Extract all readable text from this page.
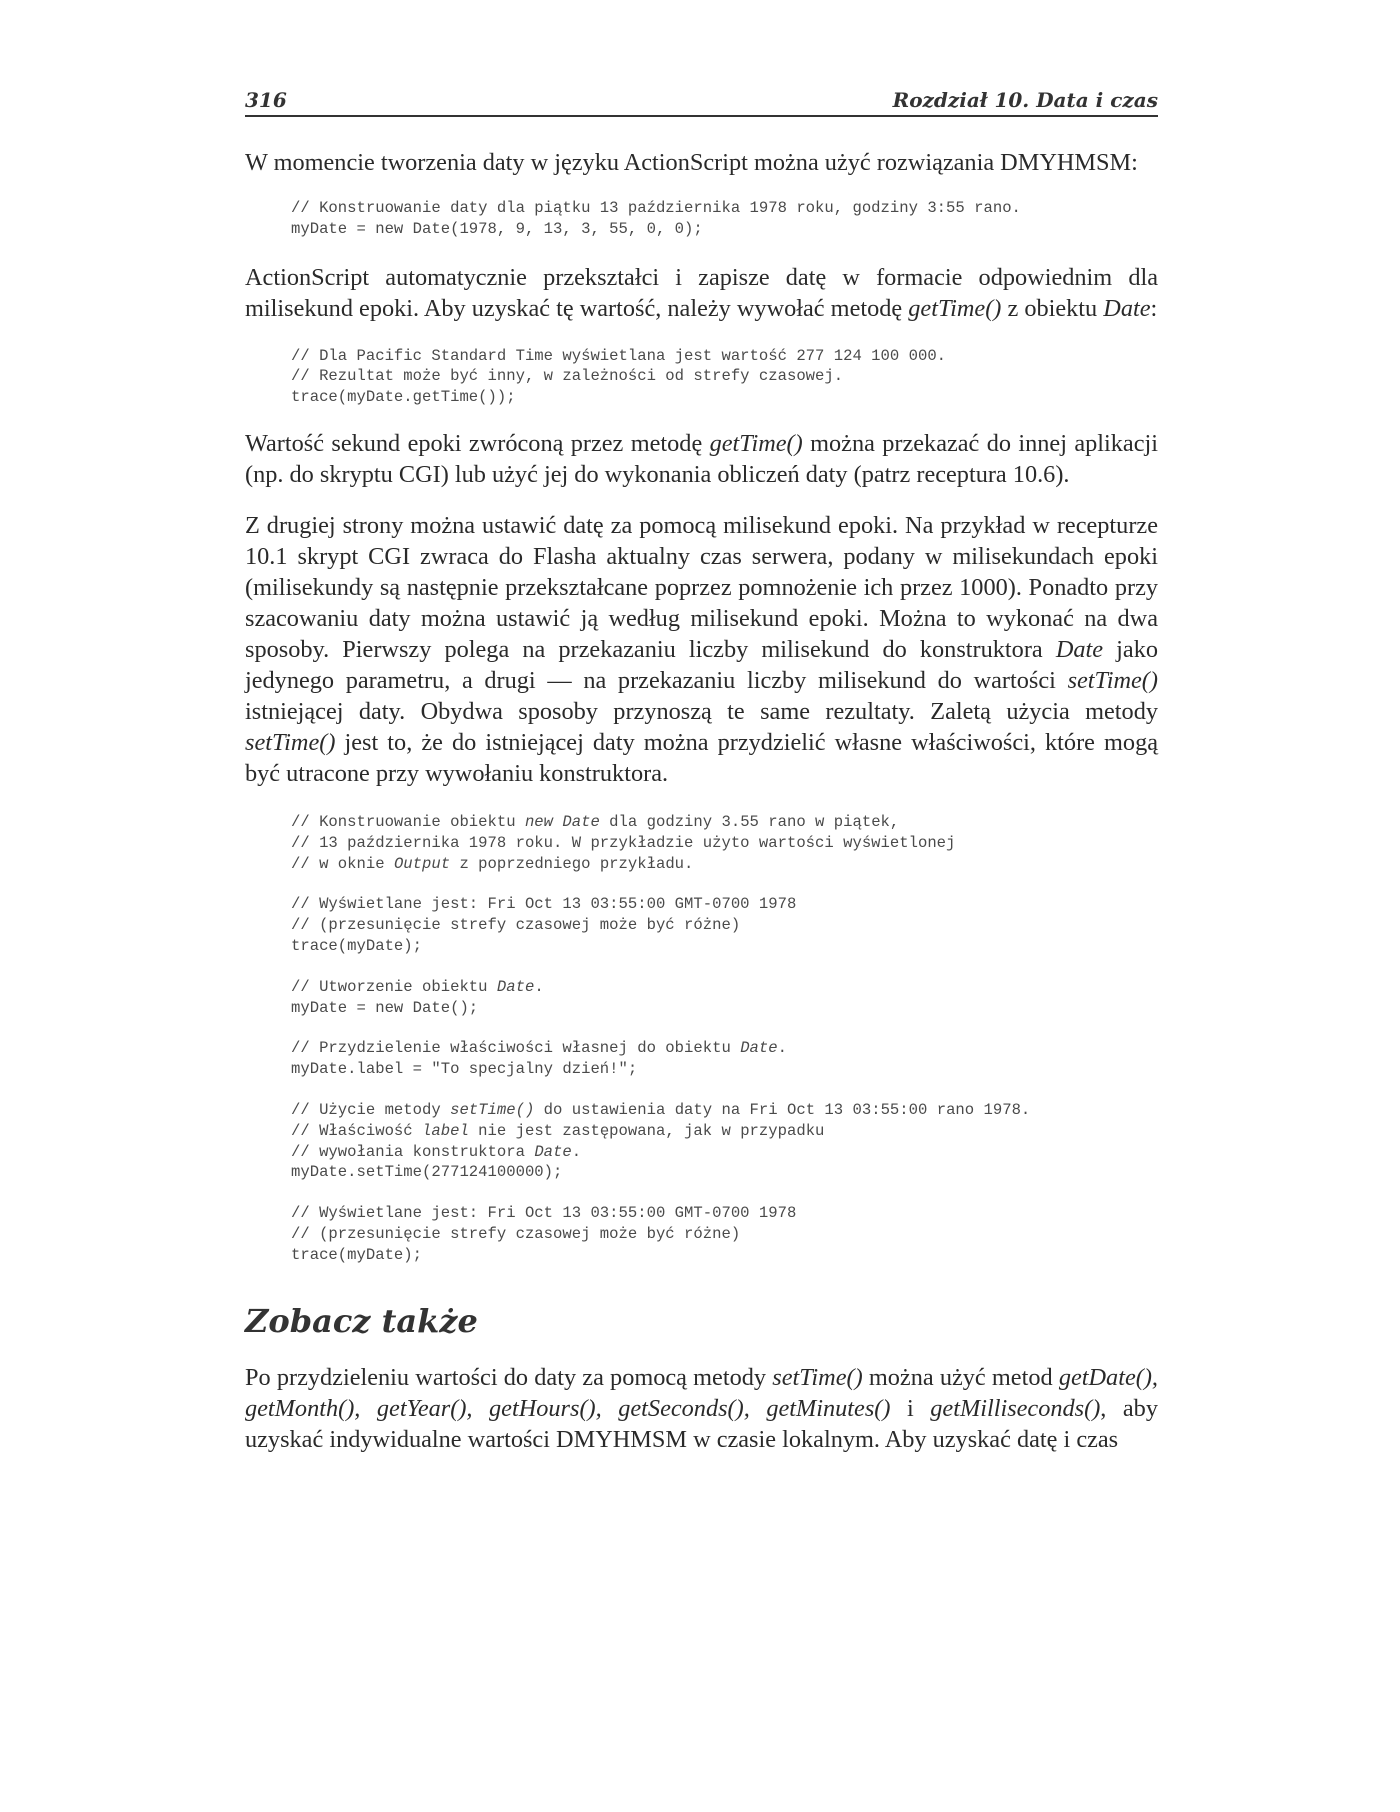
316	Rozdział 10. Data i czas

W momencie tworzenia daty w języku ActionScript można użyć rozwiązania DMYHMSM:

// Konstruowanie daty dla piątku 13 października 1978 roku, godziny 3:55 rano.
myDate = new Date(1978, 9, 13, 3, 55, 0, 0);

ActionScript automatycznie przekształci i zapisze datę w formacie odpowiednim dla milisekund epoki. Aby uzyskać tę wartość, należy wywołać metodę getTime() z obiektu Date:

// Dla Pacific Standard Time wyświetlana jest wartość 277 124 100 000.
// Rezultat może być inny, w zależności od strefy czasowej.
trace(myDate.getTime());

Wartość sekund epoki zwróconą przez metodę getTime() można przekazać do innej aplikacji (np. do skryptu CGI) lub użyć jej do wykonania obliczeń daty (patrz receptura 10.6).

Z drugiej strony można ustawić datę za pomocą milisekund epoki. Na przykład w recepturze 10.1 skrypt CGI zwraca do Flasha aktualny czas serwera, podany w milisekundach epoki (milisekundy są następnie przekształcane poprzez pomnożenie ich przez 1000). Ponadto przy szacowaniu daty można ustawić ją według milisekund epoki. Można to wykonać na dwa sposoby. Pierwszy polega na przekazaniu liczby milisekund do konstruktora Date jako jedynego parametru, a drugi — na przekazaniu liczby milisekund do wartości setTime() istniejącej daty. Obydwa sposoby przynoszą te same rezultaty. Zaletą użycia metody setTime() jest to, że do istniejącej daty można przydzielić własne właściwości, które mogą być utracone przy wywołaniu konstruktora.

// Konstruowanie obiektu new Date dla godziny 3.55 rano w piątek,
// 13 października 1978 roku. W przykładzie użyto wartości wyświetlonej
// w oknie Output z poprzedniego przykładu.
// Wyświetlane jest: Fri Oct 13 03:55:00 GMT-0700 1978
// (przesunięcie strefy czasowej może być różne)
trace(myDate);
// Utworzenie obiektu Date.
myDate = new Date();
// Przydzielenie właściwości własnej do obiektu Date.
myDate.label = "To specjalny dzień!";
// Użycie metody setTime() do ustawienia daty na Fri Oct 13 03:55:00 rano 1978.
// Właściwość label nie jest zastępowana, jak w przypadku
// wywołania konstruktora Date.
myDate.setTime(277124100000);
// Wyświetlane jest: Fri Oct 13 03:55:00 GMT-0700 1978
// (przesunięcie strefy czasowej może być różne)
trace(myDate);
Zobacz także

Po przydzieleniu wartości do daty za pomocą metody setTime() można użyć metod getDate(), getMonth(), getYear(), getHours(), getSeconds(), getMinutes() i getMilliseconds(), aby uzyskać indywidualne wartości DMYHMSM w czasie lokalnym. Aby uzyskać datę i czas
